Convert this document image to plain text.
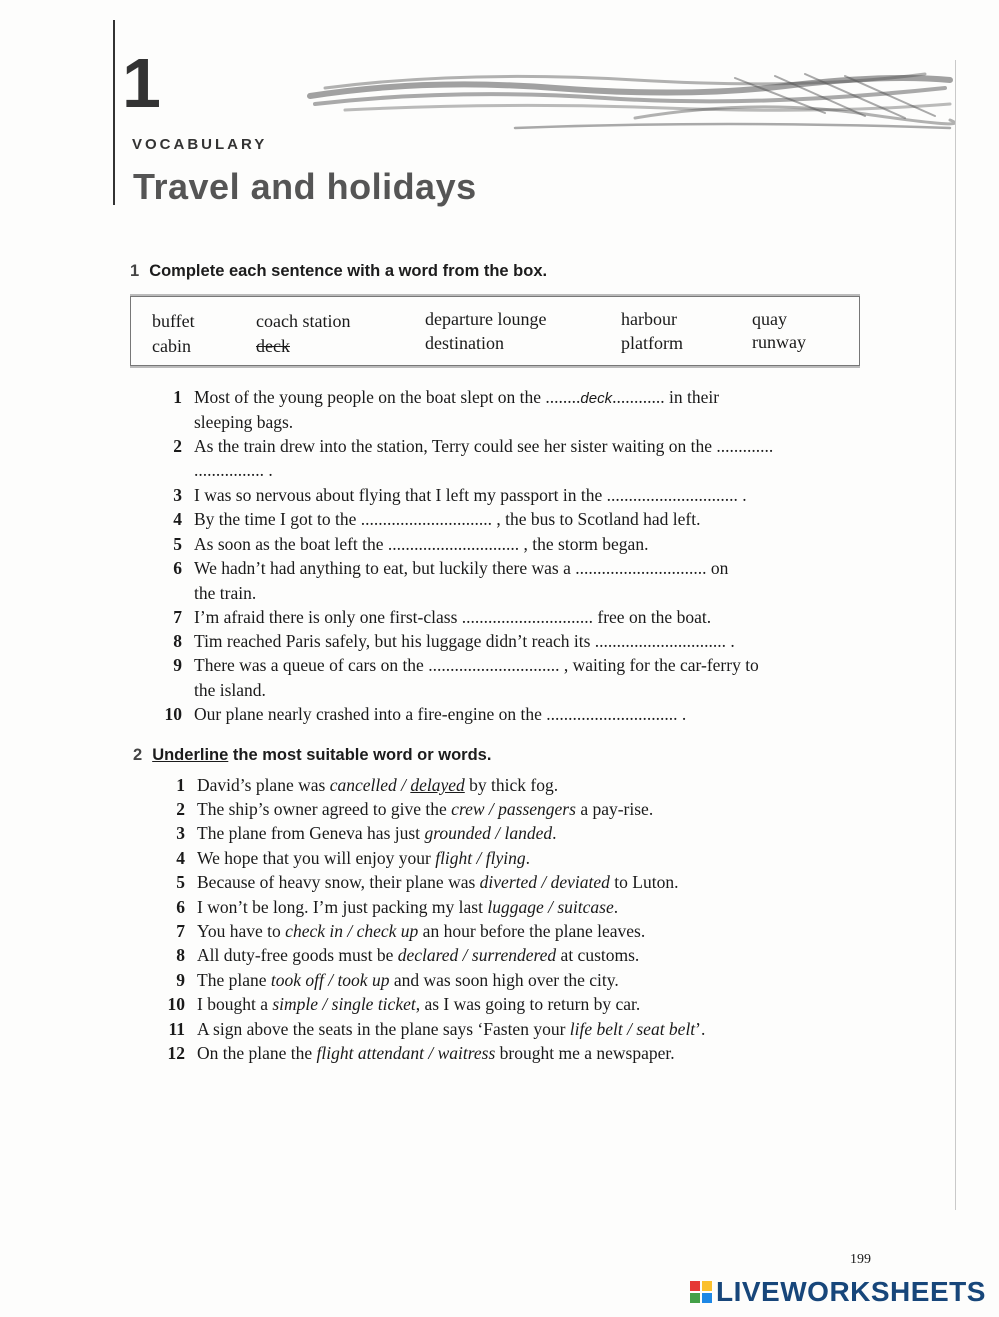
1
VOCABULARY
Travel and holidays
1 Complete each sentence with a word from the box.
buffet	coach station	departure lounge	harbour	quay
cabin	deck	destination	platform	runway
1 Most of the young people on the boat slept on the ........deck............ in their
sleeping bags.
2 As the train drew into the station, Terry could see her sister waiting on the .............
................ .
3 I was so nervous about flying that I left my passport in the .............................. .
4 By the time I got to the .............................. , the bus to Scotland had left.
5 As soon as the boat left the .............................. , the storm began.
6 We hadn’t had anything to eat, but luckily there was a .............................. on
the train.
7 I’m afraid there is only one first-class .............................. free on the boat.
8 Tim reached Paris safely, but his luggage didn’t reach its .............................. .
9 There was a queue of cars on the .............................. , waiting for the car-ferry to
the island.
10 Our plane nearly crashed into a fire-engine on the .............................. .
2 Underline the most suitable word or words.
1 David’s plane was cancelled / delayed by thick fog.
2 The ship’s owner agreed to give the crew / passengers a pay-rise.
3 The plane from Geneva has just grounded / landed.
4 We hope that you will enjoy your flight / flying.
5 Because of heavy snow, their plane was diverted / deviated to Luton.
6 I won’t be long. I’m just packing my last luggage / suitcase.
7 You have to check in / check up an hour before the plane leaves.
8 All duty-free goods must be declared / surrendered at customs.
9 The plane took off / took up and was soon high over the city.
10 I bought a simple / single ticket, as I was going to return by car.
11 A sign above the seats in the plane says ‘Fasten your life belt / seat belt’.
12 On the plane the flight attendant / waitress brought me a newspaper.
199
LIVEWORKSHEETS
